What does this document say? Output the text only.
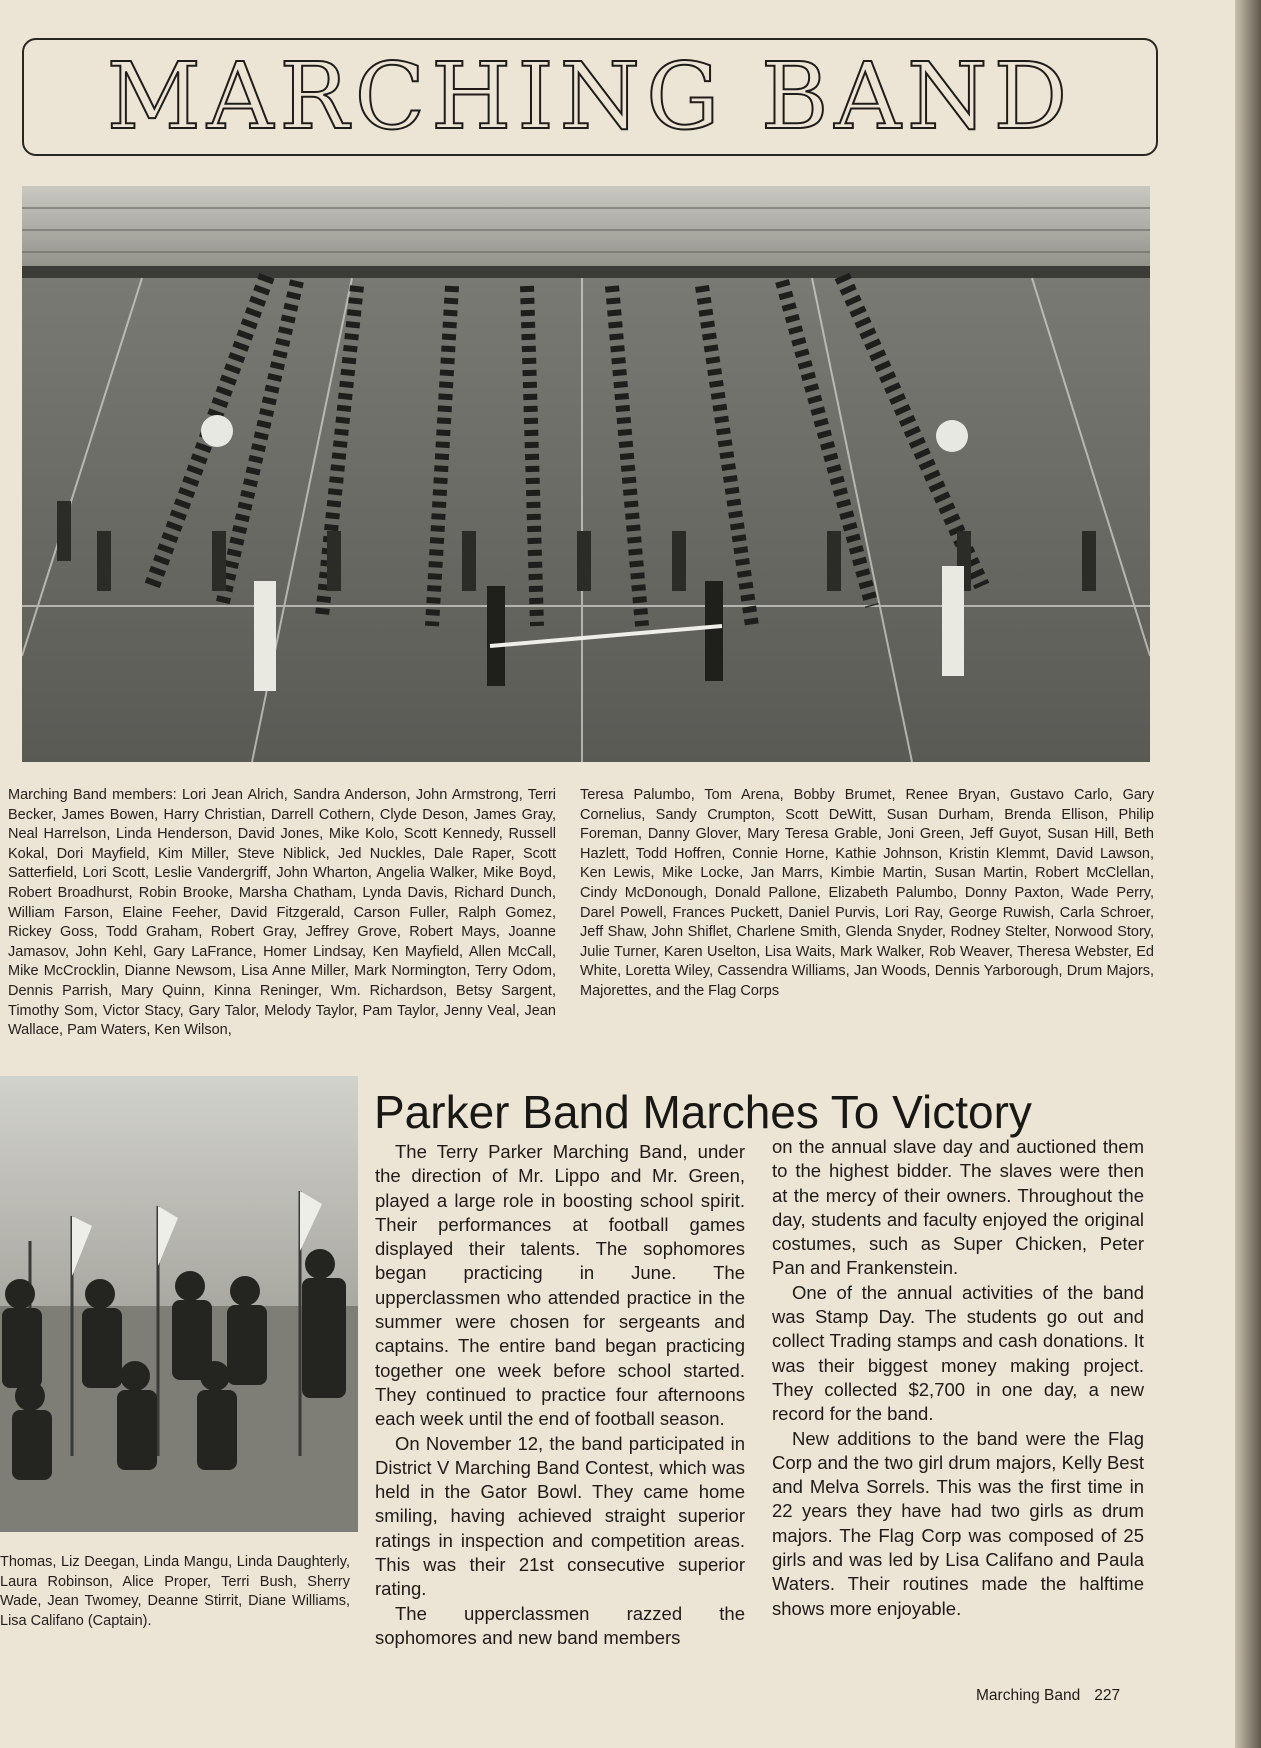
MARCHING BAND
Marching Band members: Lori Jean Alrich, Sandra Anderson, John Armstrong, Terri Becker, James Bowen, Harry Christian, Darrell Cothern, Clyde Deson, James Gray, Neal Harrelson, Linda Henderson, David Jones, Mike Kolo, Scott Kennedy, Russell Kokal, Dori Mayfield, Kim Miller, Steve Niblick, Jed Nuckles, Dale Raper, Scott Satterfield, Lori Scott, Leslie Vandergriff, John Wharton, Angelia Walker, Mike Boyd, Robert Broadhurst, Robin Brooke, Marsha Chatham, Lynda Davis, Richard Dunch, William Farson, Elaine Feeher, David Fitzgerald, Carson Fuller, Ralph Gomez, Rickey Goss, Todd Graham, Robert Gray, Jeffrey Grove, Robert Mays, Joanne Jamasov, John Kehl, Gary LaFrance, Homer Lindsay, Ken Mayfield, Allen McCall, Mike McCrocklin, Dianne Newsom, Lisa Anne Miller, Mark Normington, Terry Odom, Dennis Parrish, Mary Quinn, Kinna Reninger, Wm. Richardson, Betsy Sargent, Timothy Som, Victor Stacy, Gary Talor, Melody Taylor, Pam Taylor, Jenny Veal, Jean Wallace, Pam Waters, Ken Wilson,
Teresa Palumbo, Tom Arena, Bobby Brumet, Renee Bryan, Gustavo Carlo, Gary Cornelius, Sandy Crumpton, Scott DeWitt, Susan Durham, Brenda Ellison, Philip Foreman, Danny Glover, Mary Teresa Grable, Joni Green, Jeff Guyot, Susan Hill, Beth Hazlett, Todd Hoffren, Connie Horne, Kathie Johnson, Kristin Klemmt, David Lawson, Ken Lewis, Mike Locke, Jan Marrs, Kimbie Martin, Susan Martin, Robert McClellan, Cindy McDonough, Donald Pallone, Elizabeth Palumbo, Donny Paxton, Wade Perry, Darel Powell, Frances Puckett, Daniel Purvis, Lori Ray, George Ruwish, Carla Schroer, Jeff Shaw, John Shiflet, Charlene Smith, Glenda Snyder, Rodney Stelter, Norwood Story, Julie Turner, Karen Uselton, Lisa Waits, Mark Walker, Rob Weaver, Theresa Webster, Ed White, Loretta Wiley, Cassendra Williams, Jan Woods, Dennis Yarborough, Drum Majors, Majorettes, and the Flag Corps
Thomas, Liz Deegan, Linda Mangu, Linda Daughterly, Laura Robinson, Alice Proper, Terri Bush, Sherry Wade, Jean Twomey, Deanne Stirrit, Diane Williams, Lisa Califano (Captain).
Parker Band Marches To Victory

The Terry Parker Marching Band, under the direction of Mr. Lippo and Mr. Green, played a large role in boosting school spirit. Their performances at football games displayed their talents. The sophomores began practicing in June. The upperclassmen who attended practice in the summer were chosen for sergeants and captains. The entire band began practicing together one week before school started. They continued to practice four afternoons each week until the end of football season.

On November 12, the band participated in District V Marching Band Contest, which was held in the Gator Bowl. They came home smiling, having achieved straight superior ratings in inspection and competition areas. This was their 21st consecutive superior rating.

The upperclassmen razzed the sophomores and new band members

on the annual slave day and auctioned them to the highest bidder. The slaves were then at the mercy of their owners. Throughout the day, students and faculty enjoyed the original costumes, such as Super Chicken, Peter Pan and Frankenstein.

One of the annual activities of the band was Stamp Day. The students go out and collect Trading stamps and cash donations. It was their biggest money making project. They collected $2,700 in one day, a new record for the band.

New additions to the band were the Flag Corp and the two girl drum majors, Kelly Best and Melva Sorrels. This was the first time in 22 years they have had two girls as drum majors. The Flag Corp was composed of 25 girls and was led by Lisa Califano and Paula Waters. Their routines made the halftime shows more enjoyable.

Marching Band 227
